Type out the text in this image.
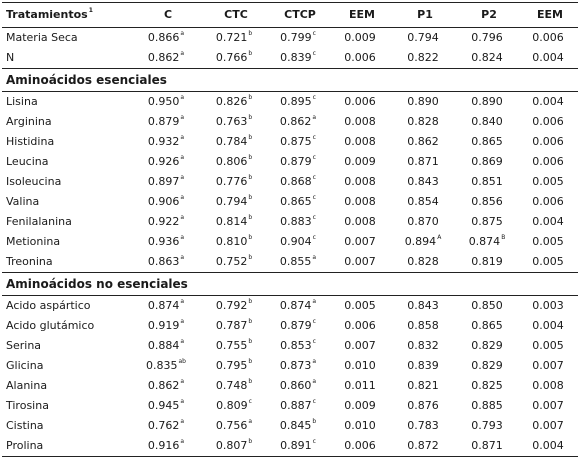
Tratamientos$^1$	C	CTC	CTCP	EEM	P1	P2	EEM
Materia Seca	0.866$^a$	0.721$^b$	0.799$^c$	0.009	0.794	0.796	0.006
N	0.862$^a$	0.766$^b$	0.839$^c$	0.006	0.822	0.824	0.004
Aminoácidos esenciales							
Lisina	0.950$^a$	0.826$^b$	0.895$^c$	0.006	0.890	0.890	0.004
Arginina	0.879$^a$	0.763$^b$	0.862$^a$	0.008	0.828	0.840	0.006
Histidina	0.932$^a$	0.784$^b$	0.875$^c$	0.008	0.862	0.865	0.006
Leucina	0.926$^a$	0.806$^b$	0.879$^c$	0.009	0.871	0.869	0.006
Isoleucina	0.897$^a$	0.776$^b$	0.868$^c$	0.008	0.843	0.851	0.005
Valina	0.906$^a$	0.794$^b$	0.865$^c$	0.008	0.854	0.856	0.006
Fenilalanina	0.922$^a$	0.814$^b$	0.883$^c$	0.008	0.870	0.875	0.004
Metionina	0.936$^a$	0.810$^b$	0.904$^c$	0.007	$0.894^A$	$0.874^B$	0.005
Treonina	0.863$^a$	0.752$^b$	0.855$^a$	0.007	0.828	0.819	0.005
Aminoácidos no esenciales							
Acido aspártico	0.874$^a$	0.792$^b$	0.874$^a$	0.005	0.843	0.850	0.003
Acido glutámico	0.919$^a$	0.787$^b$	0.879$^c$	0.006	0.858	0.865	0.004
Serina	0.884$^a$	0.755$^b$	0.853$^c$	0.007	0.832	0.829	0.005
Glicina	0.835$^{ab}$	0.795$^b$	0.873$^a$	0.010	0.839	0.829	0.007
Alanina	0.862$^a$	0.748$^b$	0.860$^a$	0.011	0.821	0.825	0.008
Tirosina	0.945$^a$	0.809$^c$	0.887$^c$	0.009	0.876	0.885	0.007
Cistina	0.762$^a$	0.756$^a$	0.845$^b$	0.010	0.783	0.793	0.007
Prolina	0.916$^a$	0.807$^b$	0.891$^c$	0.006	0.872	0.871	0.004
